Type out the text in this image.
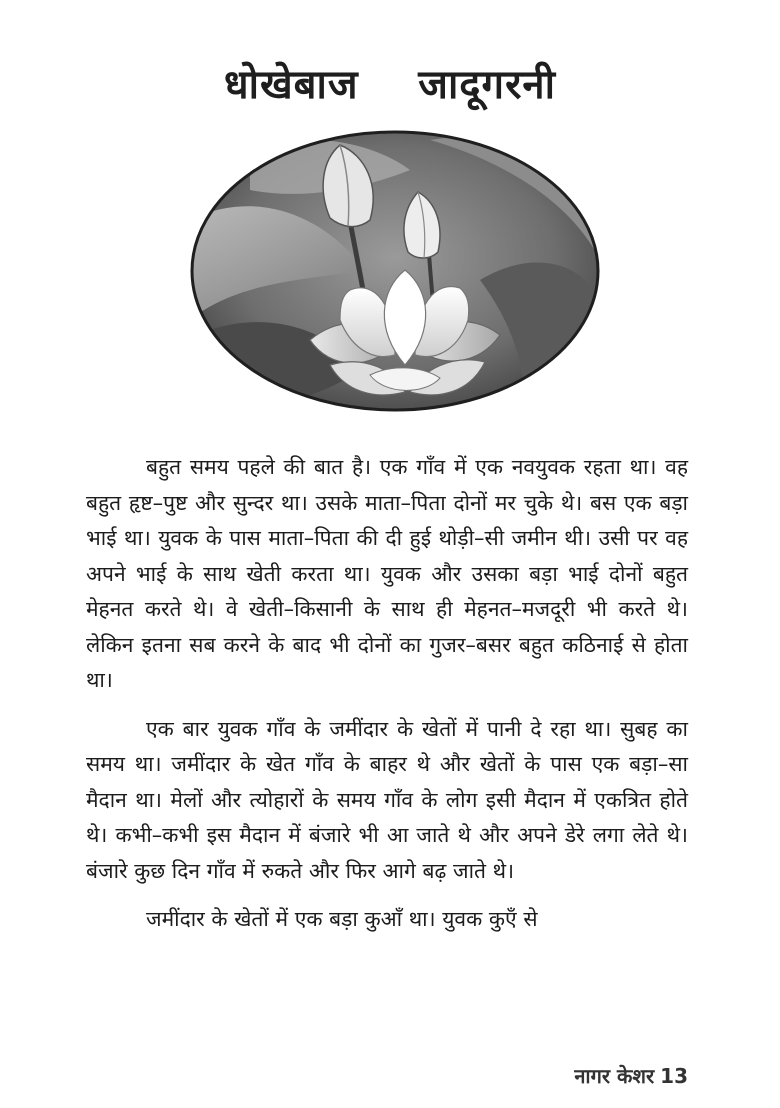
धोखेबाज    जादूगरनी

बहुत समय पहले की बात है। एक गाँव में एक नवयुवक रहता था। वह बहुत हृष्ट–पुष्ट और सुन्दर था। उसके माता–पिता दोनों मर चुके थे। बस एक बड़ा भाई था। युवक के पास माता–पिता की दी हुई थोड़ी–सी जमीन थी। उसी पर वह अपने भाई के साथ खेती करता था। युवक और उसका बड़ा भाई दोनों बहुत मेहनत करते थे। वे खेती–किसानी के साथ ही मेहनत–मजदूरी भी करते थे। लेकिन इतना सब करने के बाद भी दोनों का गुजर–बसर बहुत कठिनाई से होता था।

एक बार युवक गाँव के जमींदार के खेतों में पानी दे रहा था। सुबह का समय था। जमींदार के खेत गाँव के बाहर थे और खेतों के पास एक बड़ा–सा मैदान था। मेलों और त्योहारों के समय गाँव के लोग इसी मैदान में एकत्रित होते थे। कभी–कभी इस मैदान में बंजारे भी आ जाते थे और अपने डेरे लगा लेते थे। बंजारे कुछ दिन गाँव में रुकते और फिर आगे बढ़ जाते थे।

जमींदार के खेतों में एक बड़ा कुआँ था। युवक कुएँ से

नागर केशर 13
